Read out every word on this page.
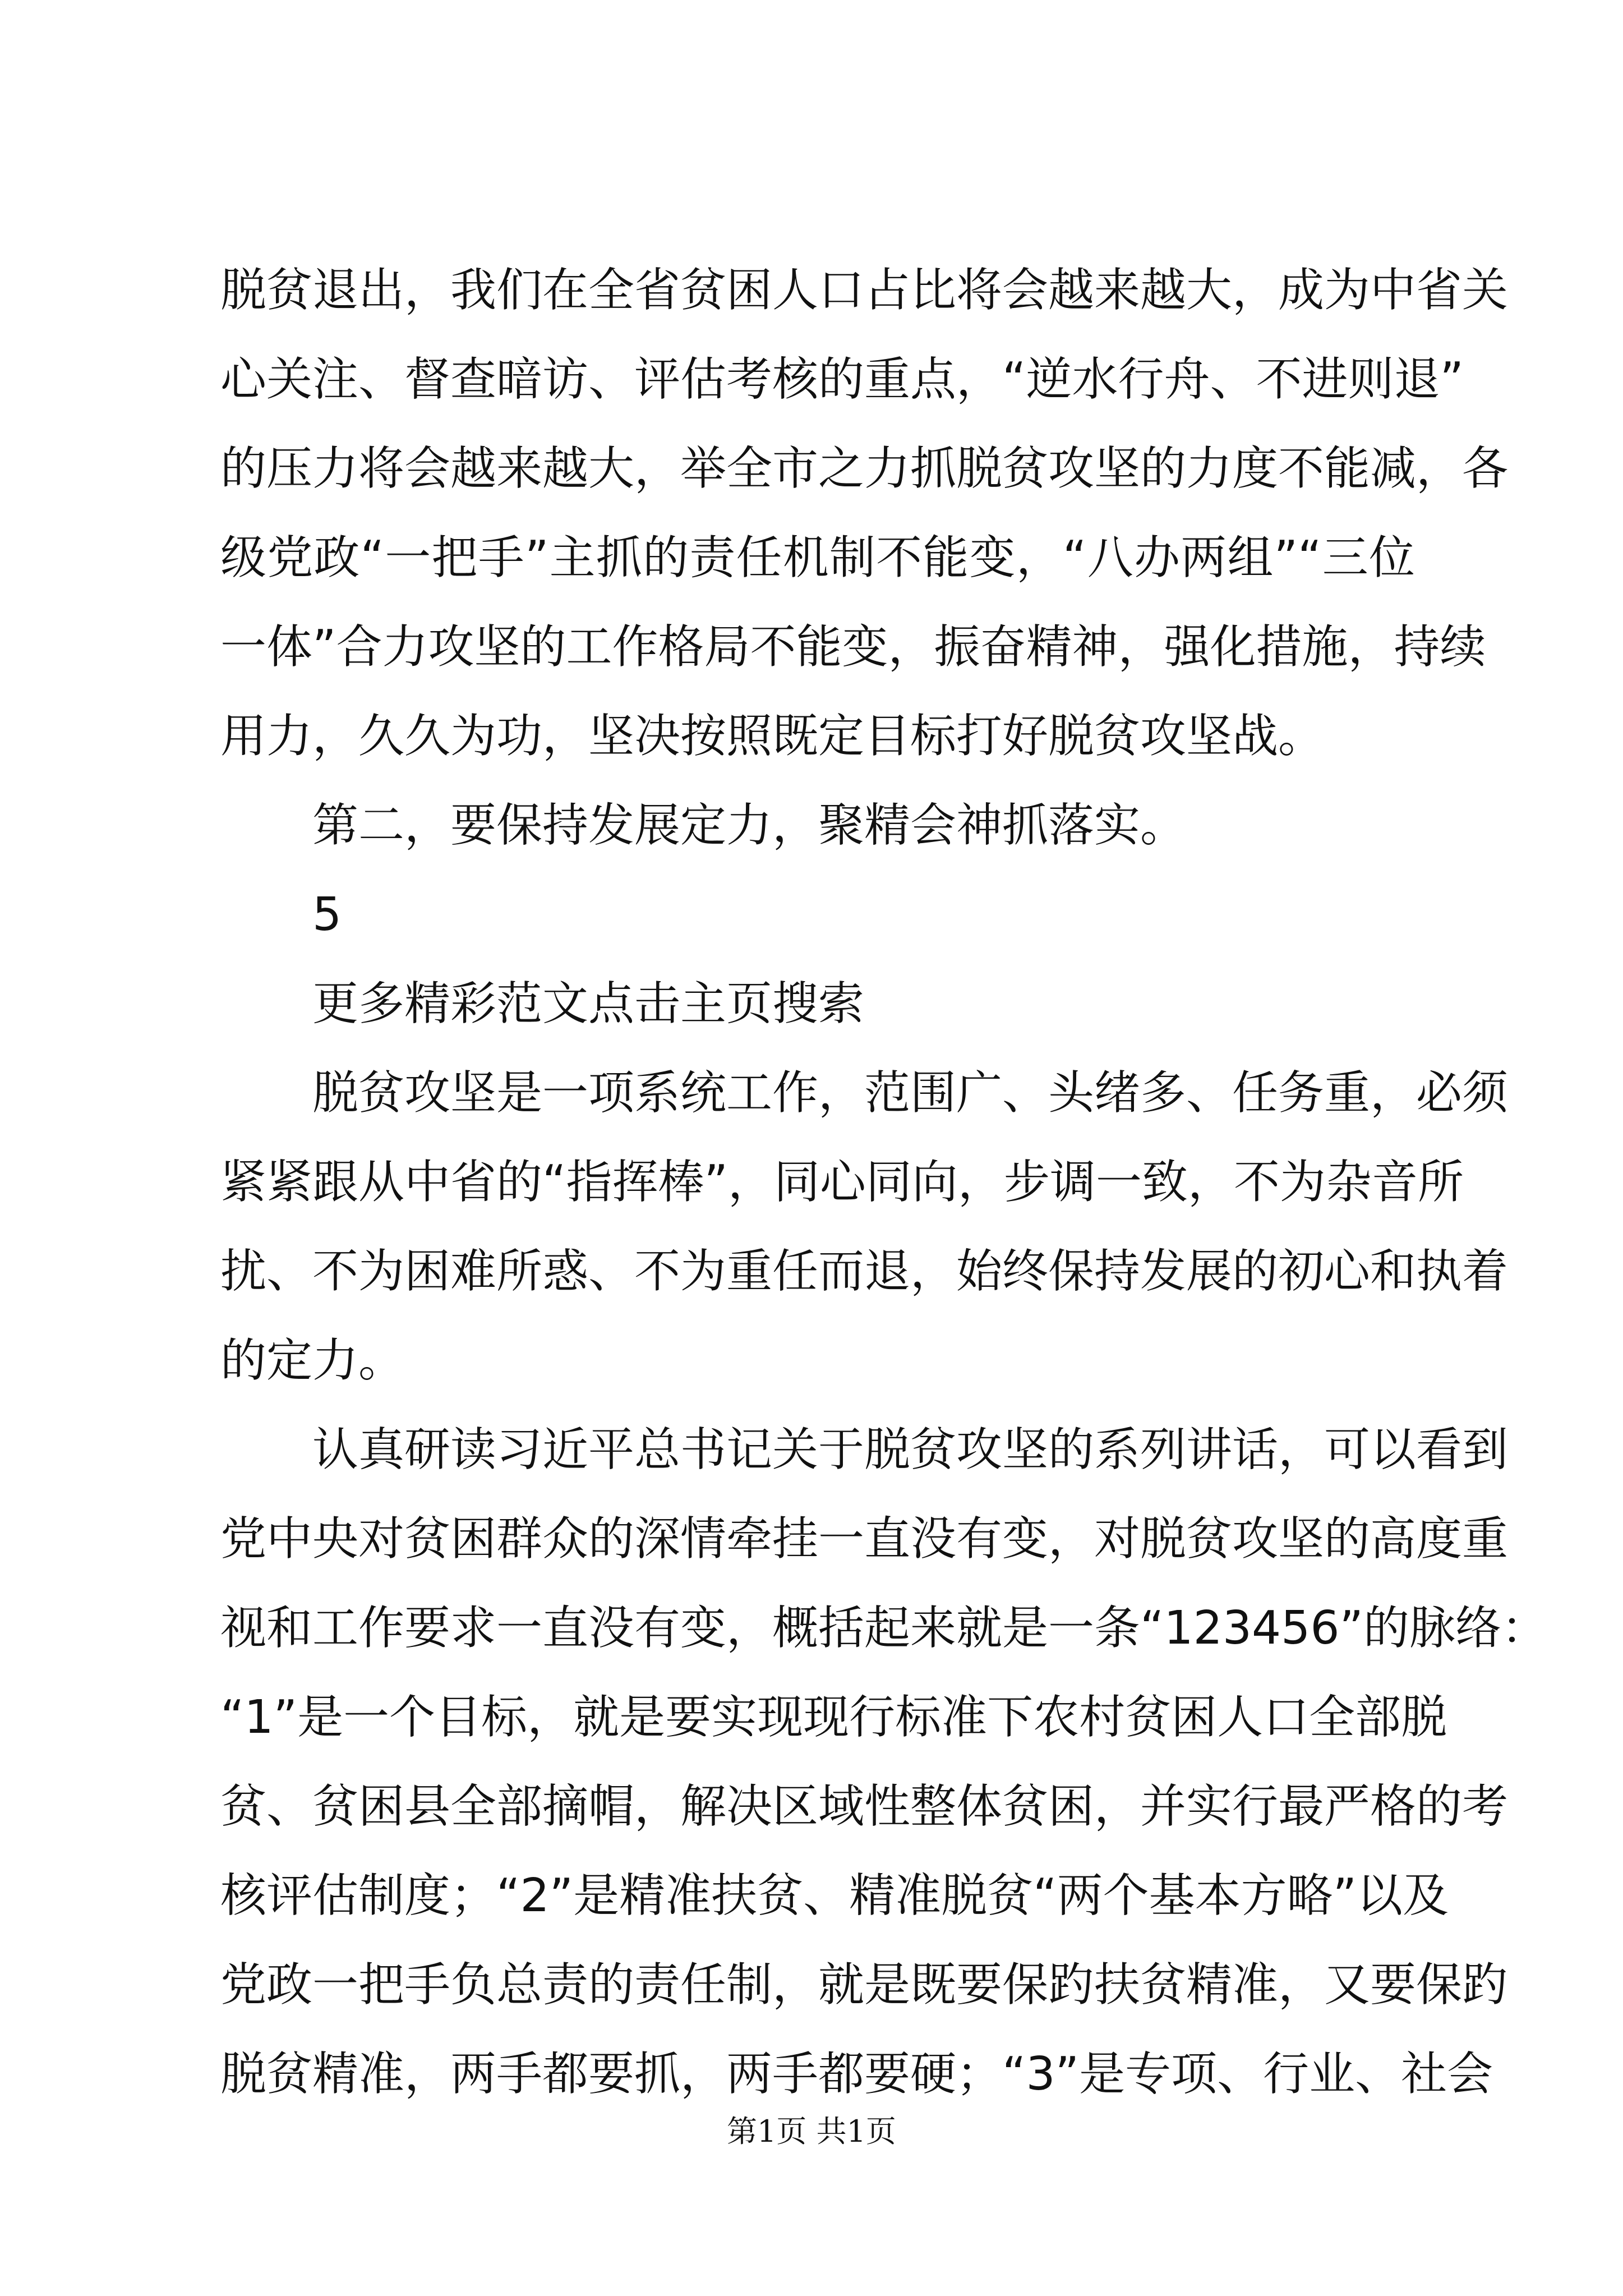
脱贫退出，我们在全省贫困人口占比将会越来越大，成为中省关
心关注、督查暗访、评估考核的重点，“逆水行舟、不进则退”
的压力将会越来越大，举全市之力抓脱贫攻坚的力度不能减，各
级党政“一把手”主抓的责任机制不能变，“八办两组”“三位
一体”合力攻坚的工作格局不能变，振奋精神，强化措施，持续
用力，久久为功，坚决按照既定目标打好脱贫攻坚战。
第二，要保持发展定力，聚精会神抓落实。
5
更多精彩范文点击主页搜索
脱贫攻坚是一项系统工作，范围广、头绪多、任务重，必须
紧紧跟从中省的“指挥棒”，同心同向，步调一致，不为杂音所
扰、不为困难所惑、不为重任而退，始终保持发展的初心和执着
的定力。
认真研读习近平总书记关于脱贫攻坚的系列讲话，可以看到
党中央对贫困群众的深情牵挂一直没有变，对脱贫攻坚的高度重
视和工作要求一直没有变，概括起来就是一条“123456”的脉络：
“1”是一个目标，就是要实现现行标准下农村贫困人口全部脱
贫、贫困县全部摘帽，解决区域性整体贫困，并实行最严格的考
核评估制度；“2”是精准扶贫、精准脱贫“两个基本方略”以及
党政一把手负总责的责任制，就是既要保趵扶贫精准，又要保趵
脱贫精准，两手都要抓，两手都要硬；“3”是专项、行业、社会
第1页 共1页
